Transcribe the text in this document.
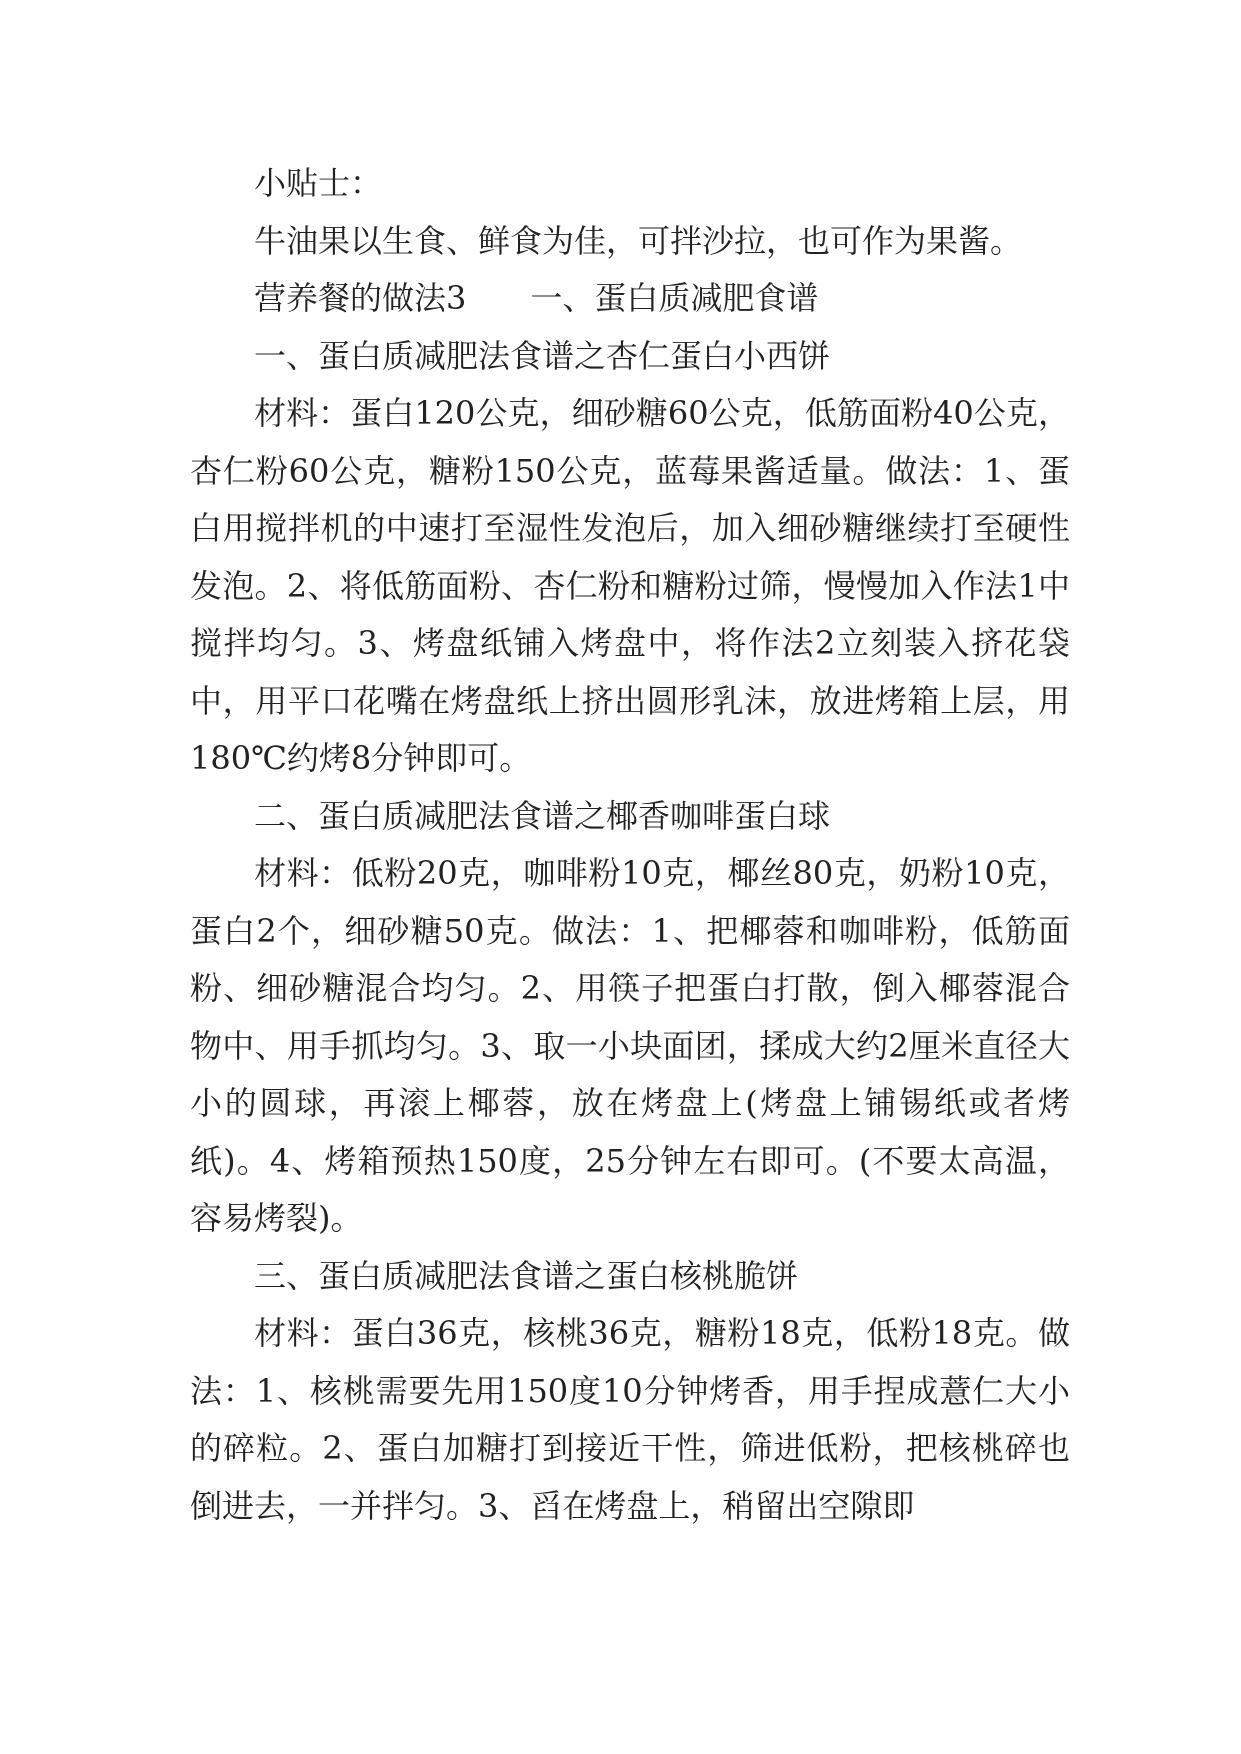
小贴士：

牛油果以生食、鲜食为佳，可拌沙拉，也可作为果酱。

营养餐的做法3 一、蛋白质减肥食谱

一、蛋白质减肥法食谱之杏仁蛋白小西饼

材料：蛋白120公克，细砂糖60公克，低筋面粉40公克，杏仁粉60公克，糖粉150公克，蓝莓果酱适量。做法：1、蛋白用搅拌机的中速打至湿性发泡后，加入细砂糖继续打至硬性发泡。2、将低筋面粉、杏仁粉和糖粉过筛，慢慢加入作法1中搅拌均匀。3、烤盘纸铺入烤盘中，将作法2立刻装入挤花袋中，用平口花嘴在烤盘纸上挤出圆形乳沫，放进烤箱上层，用180℃约烤8分钟即可。

二、蛋白质减肥法食谱之椰香咖啡蛋白球

材料：低粉20克，咖啡粉10克，椰丝80克，奶粉10克，蛋白2个，细砂糖50克。做法：1、把椰蓉和咖啡粉，低筋面粉、细砂糖混合均匀。2、用筷子把蛋白打散，倒入椰蓉混合物中、用手抓均匀。3、取一小块面团，揉成大约2厘米直径大小的圆球，再滚上椰蓉，放在烤盘上(烤盘上铺锡纸或者烤纸)。4、烤箱预热150度，25分钟左右即可。(不要太高温，容易烤裂)。

三、蛋白质减肥法食谱之蛋白核桃脆饼

材料：蛋白36克，核桃36克，糖粉18克，低粉18克。做法：1、核桃需要先用150度10分钟烤香，用手捏成薏仁大小的碎粒。2、蛋白加糖打到接近干性，筛进低粉，把核桃碎也倒进去，一并拌匀。3、舀在烤盘上，稍留出空隙即
